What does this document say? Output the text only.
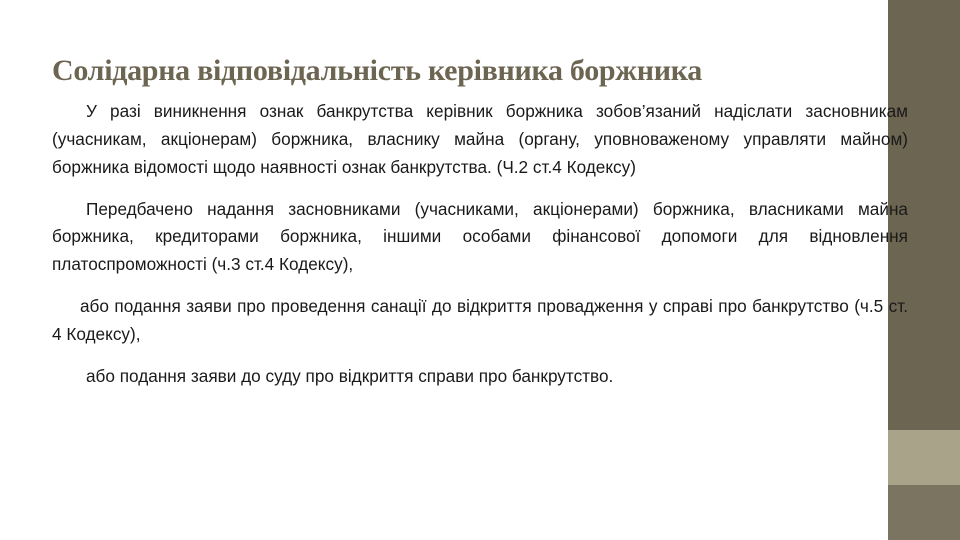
Солідарна відповідальність керівника боржника

У разі виникнення ознак банкрутства керівник боржника зобов’язаний надіслати засновникам (учасникам, акціонерам) боржника, власнику майна (органу, уповноваженому управляти майном) боржника відомості щодо наявності ознак банкрутства. (Ч.2 ст.4 Кодексу)

Передбачено надання засновниками (учасниками, акціонерами) боржника, власниками майна боржника, кредиторами боржника, іншими особами фінансової допомоги для відновлення платоспроможності (ч.3 ст.4 Кодексу),

або подання заяви про проведення санації до відкриття провадження у справі про банкрутство (ч.5 ст. 4 Кодексу),

або подання заяви до суду про відкриття справи про банкрутство.
